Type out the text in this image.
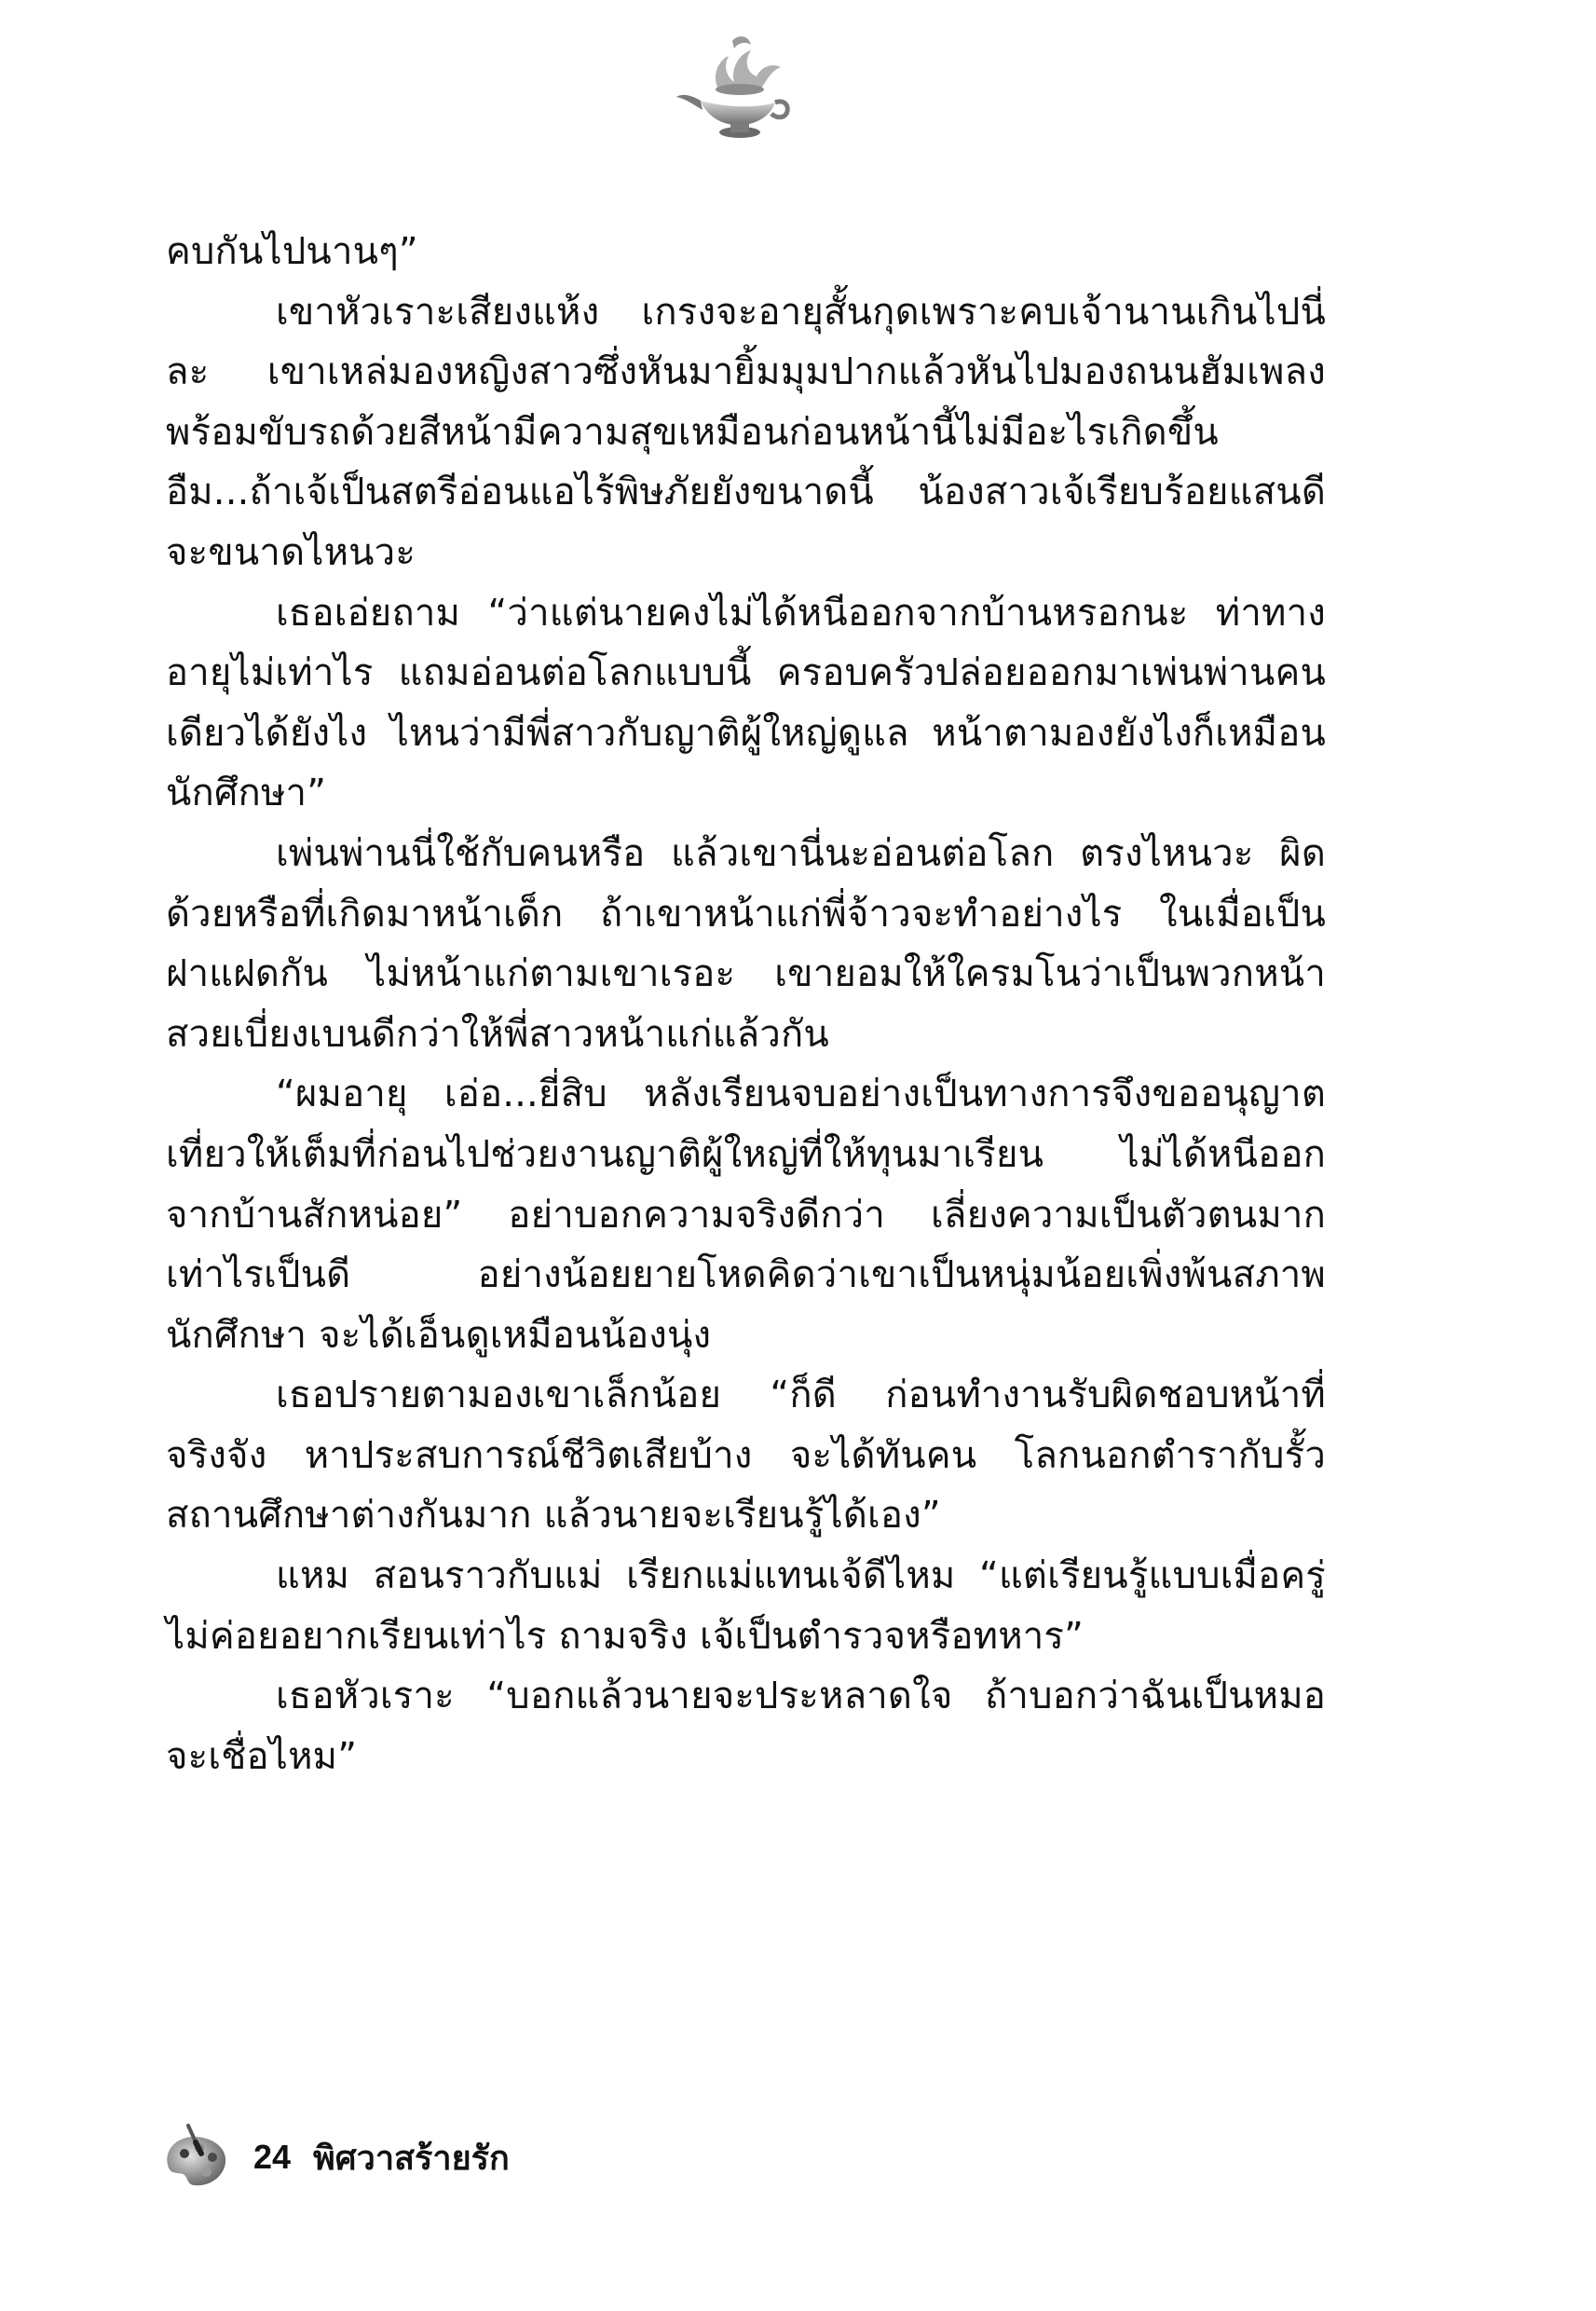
คบกันไปนานๆ”

เขาหัวเราะเสียงแห้ง เกรงจะอายุสั้นกุดเพราะคบเจ้านานเกินไปนี่ละ เขาเหล่มองหญิงสาวซึ่งหันมายิ้มมุมปากแล้วหันไปมองถนนฮัมเพลงพร้อมขับรถด้วยสีหน้ามีความสุขเหมือนก่อนหน้านี้ไม่มีอะไรเกิดขึ้น อืม...ถ้าเจ้เป็นสตรีอ่อนแอไร้พิษภัยยังขนาดนี้ น้องสาวเจ้เรียบร้อยแสนดีจะขนาดไหนวะ

เธอเอ่ยถาม “ว่าแต่นายคงไม่ได้หนีออกจากบ้านหรอกนะ ท่าทางอายุไม่เท่าไร แถมอ่อนต่อโลกแบบนี้ ครอบครัวปล่อยออกมาเพ่นพ่านคนเดียวได้ยังไง ไหนว่ามีพี่สาวกับญาติผู้ใหญ่ดูแล หน้าตามองยังไงก็เหมือนนักศึกษา”

เพ่นพ่านนี่ใช้กับคนหรือ แล้วเขานี่นะอ่อนต่อโลก ตรงไหนวะ ผิดด้วยหรือที่เกิดมาหน้าเด็ก ถ้าเขาหน้าแก่พี่จ้าวจะทำอย่างไร ในเมื่อเป็นฝาแฝดกัน ไม่หน้าแก่ตามเขาเรอะ เขายอมให้ใครมโนว่าเป็นพวกหน้าสวยเบี่ยงเบนดีกว่าให้พี่สาวหน้าแก่แล้วกัน

“ผมอายุ เอ่อ...ยี่สิบ หลังเรียนจบอย่างเป็นทางการจึงขออนุญาตเที่ยวให้เต็มที่ก่อนไปช่วยงานญาติผู้ใหญ่ที่ให้ทุนมาเรียน ไม่ได้หนีออกจากบ้านสักหน่อย” อย่าบอกความจริงดีกว่า เลี่ยงความเป็นตัวตนมากเท่าไรเป็นดี อย่างน้อยยายโหดคิดว่าเขาเป็นหนุ่มน้อยเพิ่งพ้นสภาพนักศึกษา จะได้เอ็นดูเหมือนน้องนุ่ง

เธอปรายตามองเขาเล็กน้อย “ก็ดี ก่อนทำงานรับผิดชอบหน้าที่จริงจัง หาประสบการณ์ชีวิตเสียบ้าง จะได้ทันคน โลกนอกตำรากับรั้วสถานศึกษาต่างกันมาก แล้วนายจะเรียนรู้ได้เอง”

แหม สอนราวกับแม่ เรียกแม่แทนเจ้ดีไหม “แต่เรียนรู้แบบเมื่อครู่ไม่ค่อยอยากเรียนเท่าไร ถามจริง เจ้เป็นตำรวจหรือทหาร”

เธอหัวเราะ “บอกแล้วนายจะประหลาดใจ ถ้าบอกว่าฉันเป็นหมอจะเชื่อไหม”

24 พิศวาสร้ายรัก
